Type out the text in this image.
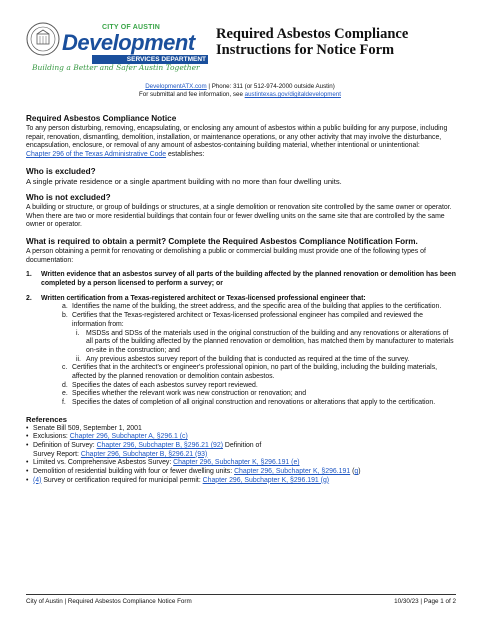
CITY OF AUSTIN
Development
SERVICES DEPARTMENT
Building a Better and Safer Austin Together
Required Asbestos Compliance
Instructions for Notice Form
DevelopmentATX.com | Phone: 311 (or 512-974-2000 outside Austin)
For submittal and fee information, see austintexas.gov/digitaldevelopment
Required Asbestos Compliance Notice
To any person disturbing, removing, encapsulating, or enclosing any amount of asbestos within a public building for any purpose, including repair, renovation, dismantling, demolition, installation, or maintenance operations, or any other activity that may involve the disturbance, encapsulation, enclosure, or removal of any amount of asbestos-containing building material, whether intentional or unintentional:
Chapter 296 of the Texas Administrative Code establishes:
Who is excluded?
A single private residence or a single apartment building with no more than four dwelling units.
Who is not excluded?
A building or structure, or group of buildings or structures, at a single demolition or renovation site controlled by the same owner or operator. When there are two or more residential buildings that contain four or fewer dwelling units on the same site that are controlled by the same owner or operator.
What is required to obtain a permit? Complete the Required Asbestos Compliance Notification Form.
A person obtaining a permit for renovating or demolishing a public or commercial building must provide one of the following types of documentation:
1.	Written evidence that an asbestos survey of all parts of the building affected by the planned renovation or demolition has been completed by a person licensed to perform a survey; or
2.	Written certification from a Texas-registered architect or Texas-licensed professional engineer that:
a. Identifies the name of the building, the street address, and the specific area of the building that applies to the certification.
b. Certifies that the Texas-registered architect or Texas-licensed professional engineer has compiled and reviewed the information from:
i. MSDSs and SDSs of the materials used in the original construction of the building and any renovations or alterations of all parts of the building affected by the planned renovation or demolition, has matched them by manufacturer to materials on-site in the construction; and
ii. Any previous asbestos survey report of the building that is conducted as required at the time of the survey.
c. Certifies that in the architect’s or engineer's professional opinion, no part of the building, including the building materials, affected by the planned renovation or demolition contain asbestos.
d. Specifies the dates of each asbestos survey report reviewed.
e. Specifies whether the relevant work was new construction or renovation; and
f. Specifies the dates of completion of all original construction and renovations or alterations that apply to the certification.
References
• Senate Bill 509, September 1, 2001
• Exclusions: Chapter 296, Subchapter A, §296.1 (c)
• Definition of Survey: Chapter 296, Subchapter B, §296.21 (92) Definition of
Survey Report: Chapter 296, Subchapter B, §296.21 (93)
• Limited vs. Comprehensive Asbestos Survey: Chapter 296, Subchapter K, §296.191 (e)
• Demolition of residential building with four or fewer dwelling units: Chapter 296, Subchapter K, §296.191 (g)
• (4) Survey or certification required for municipal permit: Chapter 296, Subchapter K, §296.191 (g)
City of Austin | Required Asbestos Compliance Notice Form	10/30/23 | Page 1 of 2
